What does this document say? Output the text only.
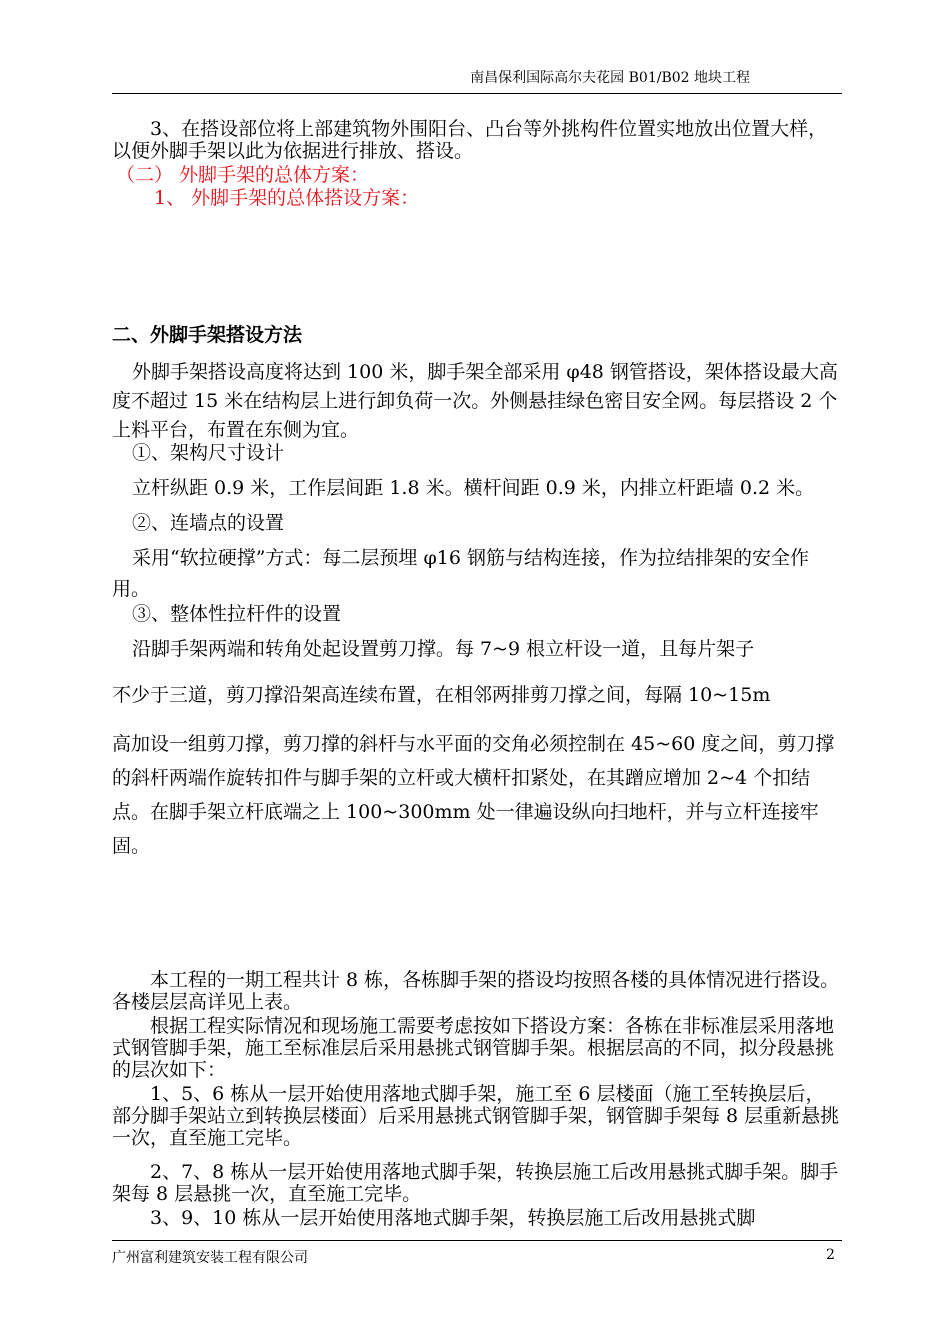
南昌保利国际高尔夫花园 B01/B02 地块工程
3、在搭设部位将上部建筑物外围阳台、凸台等外挑构件位置实地放出位置大样，以便外脚手架以此为依据进行排放、搭设。
（二） 外脚手架的总体方案：
1、 外脚手架的总体搭设方案：
二、外脚手架搭设方法
外脚手架搭设高度将达到 100 米，脚手架全部采用 φ48 钢管搭设，架体搭设最大高度不超过 15 米在结构层上进行卸负荷一次。外侧悬挂绿色密目安全网。每层搭设 2 个上料平台，布置在东侧为宜。
①、架构尺寸设计
立杆纵距 0.9 米，工作层间距 1.8 米。横杆间距 0.9 米，内排立杆距墙 0.2 米。
②、连墙点的设置
采用“软拉硬撑”方式：每二层预埋 φ16 钢筋与结构连接，作为拉结排架的安全作用。
③、整体性拉杆件的设置
沿脚手架两端和转角处起设置剪刀撑。每 7~9 根立杆设一道，且每片架子
不少于三道，剪刀撑沿架高连续布置，在相邻两排剪刀撑之间，每隔 10~15m
高加设一组剪刀撑，剪刀撑的斜杆与水平面的交角必须控制在 45~60 度之间，剪刀撑的斜杆两端作旋转扣件与脚手架的立杆或大横杆扣紧处，在其蹭应增加 2~4 个扣结点。在脚手架立杆底端之上 100~300mm 处一律遍设纵向扫地杆，并与立杆连接牢固。
本工程的一期工程共计 8 栋，各栋脚手架的搭设均按照各楼的具体情况进行搭设。各楼层层高详见上表。
根据工程实际情况和现场施工需要考虑按如下搭设方案：各栋在非标准层采用落地式钢管脚手架，施工至标准层后采用悬挑式钢管脚手架。根据层高的不同，拟分段悬挑的层次如下：
1、5、6 栋从一层开始使用落地式脚手架，施工至 6 层楼面（施工至转换层后，部分脚手架站立到转换层楼面）后采用悬挑式钢管脚手架，钢管脚手架每 8 层重新悬挑一次，直至施工完毕。
2、7、8 栋从一层开始使用落地式脚手架，转换层施工后改用悬挑式脚手架。脚手架每 8 层悬挑一次，直至施工完毕。
3、9、10 栋从一层开始使用落地式脚手架，转换层施工后改用悬挑式脚
广州富利建筑安装工程有限公司	2
